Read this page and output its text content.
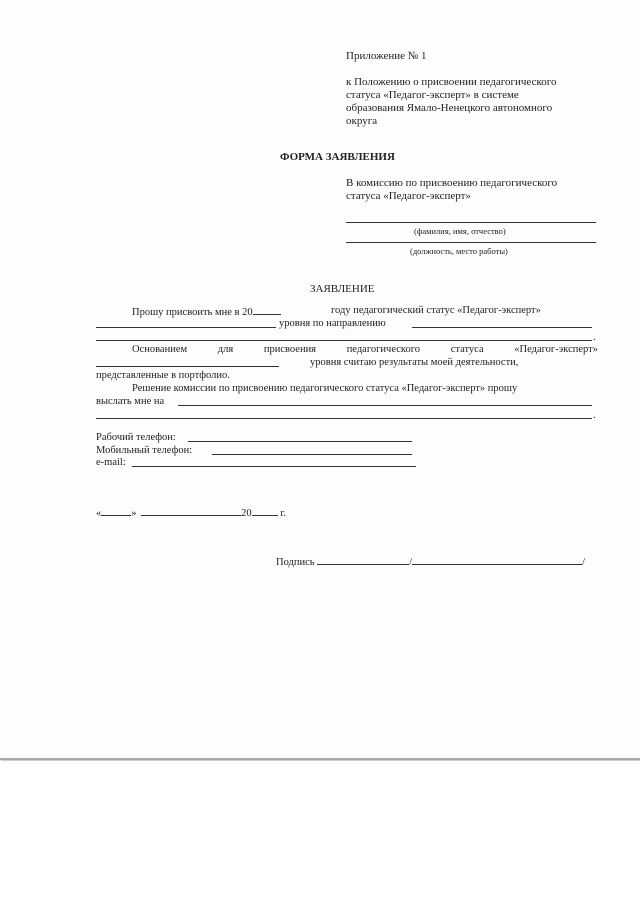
Приложение № 1
к Положению о присвоении педагогического
статуса «Педагог-эксперт» в системе
образования Ямало-Ненецкого автономного
округа
ФОРМА ЗАЯВЛЕНИЯ
В комиссию по присвоению педагогического
статуса «Педагог-эксперт»
(фамилия, имя, отчество)
(должность, место работы)
ЗАЯВЛЕНИЕ
Прошу присвоить мне в 20	году педагогический статус «Педагог-эксперт»
уровня по направлению
.
Основанием	для	присвоения	педагогического	статуса	«Педагог-эксперт»
уровня считаю результаты моей деятельности,
представленные в портфолио.
Решение комиссии по присвоению педагогического статуса «Педагог-эксперт» прошу
выслать мне на
.
Рабочий телефон:
Мобильный телефон:
e-mail:
«	»	20	г.
Подпись	/	/
